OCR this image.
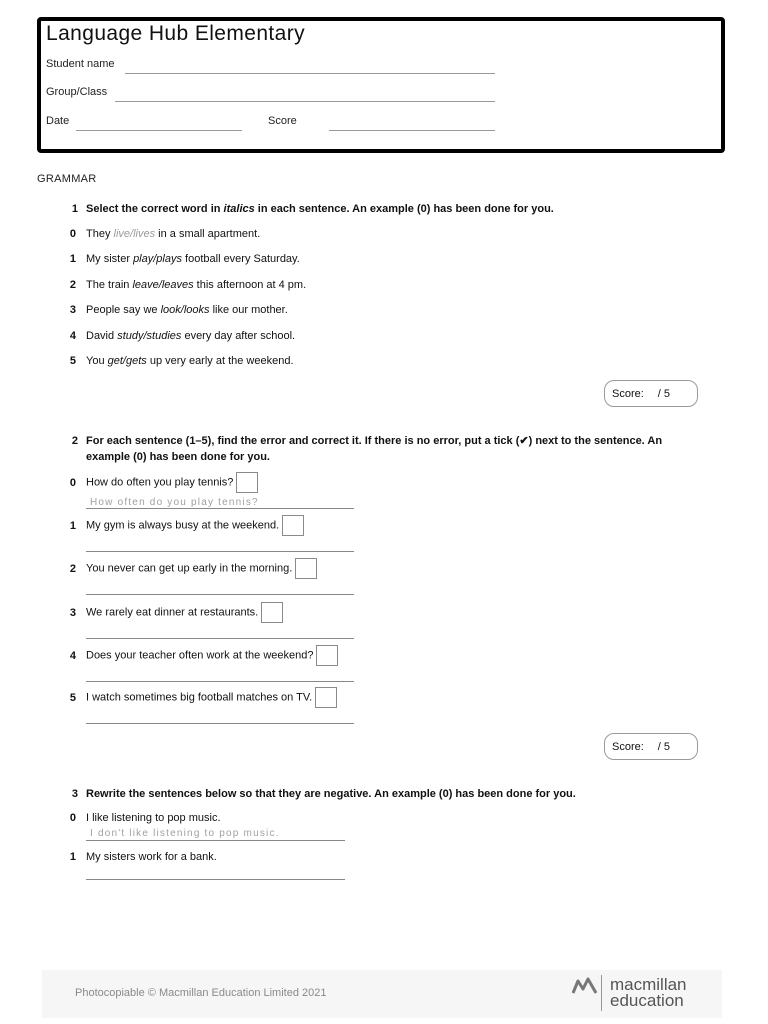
Language Hub Elementary
Student name
Group/Class
Date	Score
GRAMMAR
1 Select the correct word in italics in each sentence. An example (0) has been done for you.
0 They live/lives in a small apartment.
1 My sister play/plays football every Saturday.
2 The train leave/leaves this afternoon at 4 pm.
3 People say we look/looks like our mother.
4 David study/studies every day after school.
5 You get/gets up very early at the weekend.
Score: / 5
2 For each sentence (1–5), find the error and correct it. If there is no error, put a tick (✔) next to the sentence. An example (0) has been done for you.
0 How do often you play tennis?
How often do you play tennis?
1 My gym is always busy at the weekend.
2 You never can get up early in the morning.
3 We rarely eat dinner at restaurants.
4 Does your teacher often work at the weekend?
5 I watch sometimes big football matches on TV.
Score: / 5
3 Rewrite the sentences below so that they are negative. An example (0) has been done for you.
0 I like listening to pop music.
I don't like listening to pop music.
1 My sisters work for a bank.
Photocopiable © Macmillan Education Limited 2021	macmillan
education
